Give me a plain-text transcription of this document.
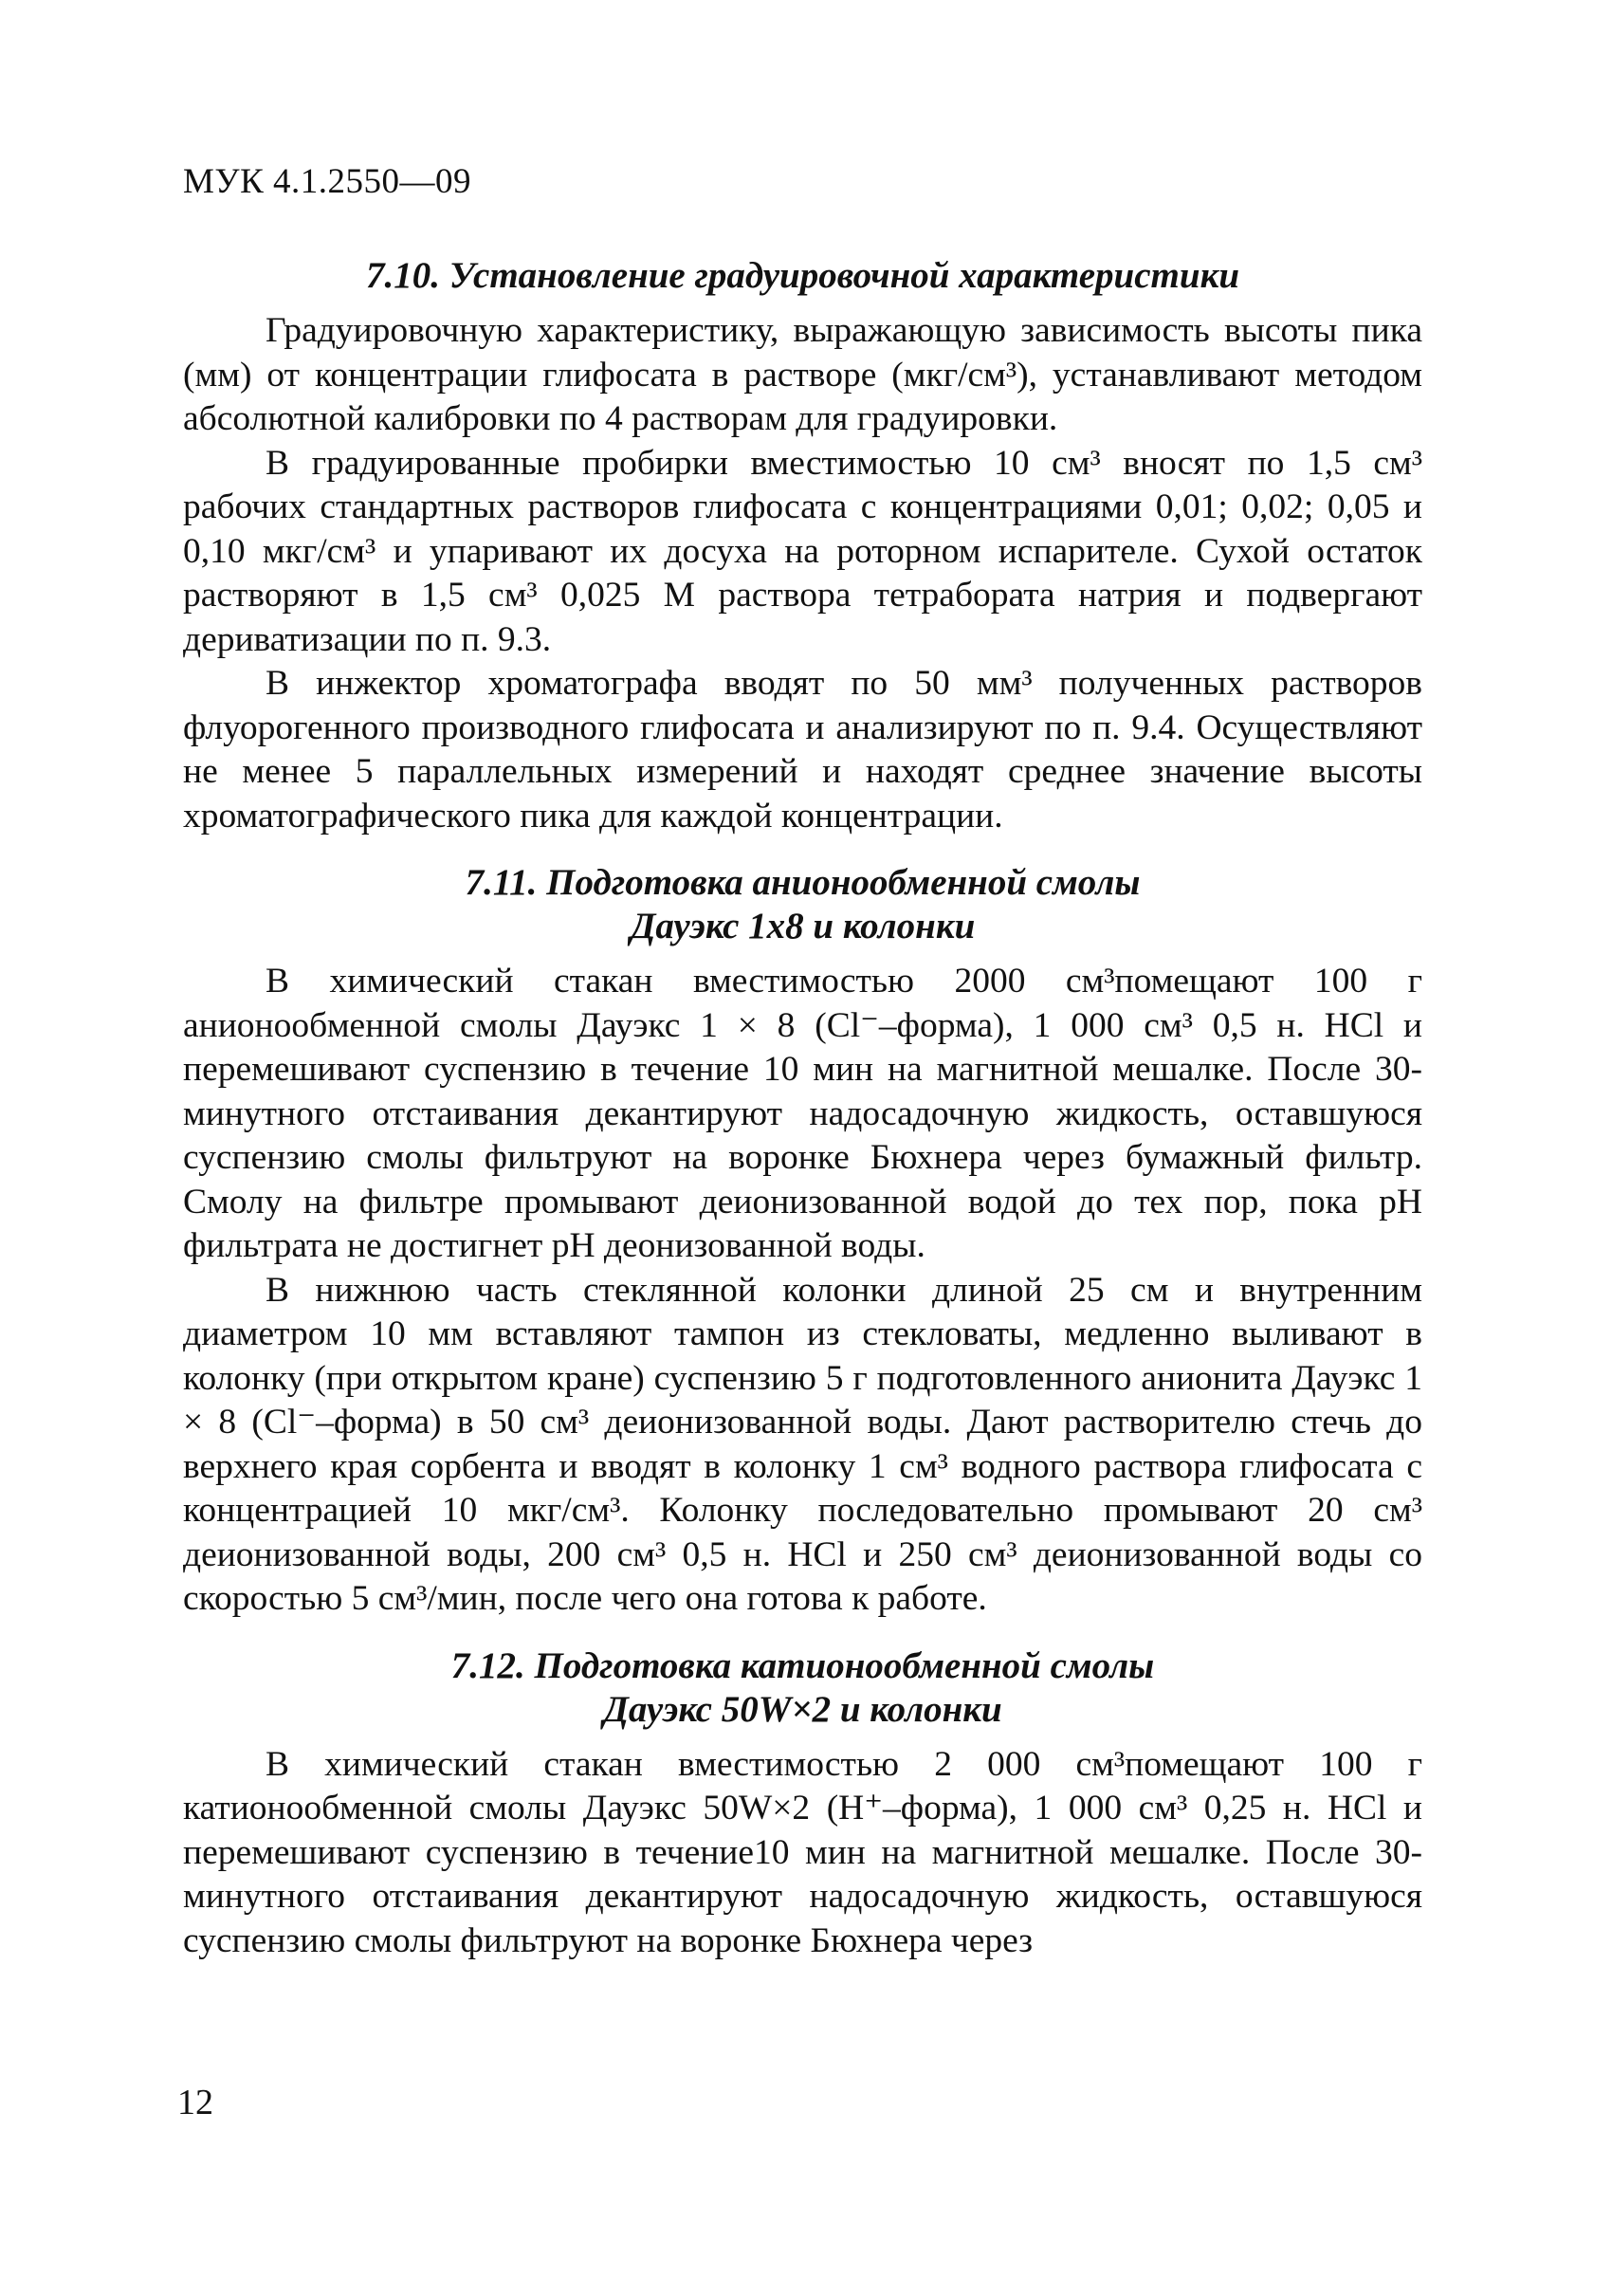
МУК 4.1.2550—09
7.10. Установление градуировочной характеристики

Градуировочную характеристику, выражающую зависимость высоты пика (мм) от концентрации глифосата в растворе (мкг/см³), устанавливают методом абсолютной калибровки по 4 растворам для градуировки.

В градуированные пробирки вместимостью 10 см³ вносят по 1,5 см³ рабочих стандартных растворов глифосата с концентрациями 0,01; 0,02; 0,05 и 0,10 мкг/см³ и упаривают их досуха на роторном испарителе. Сухой остаток растворяют в 1,5 см³ 0,025 М раствора тетрабората натрия и подвергают дериватизации по п. 9.3.

В инжектор хроматографа вводят по 50 мм³ полученных растворов флуорогенного производного глифосата и анализируют по п. 9.4. Осуществляют не менее 5 параллельных измерений и находят среднее значение высоты хроматографического пика для каждой концентрации.

7.11. Подготовка анионообменной смолы
Дауэкс 1х8 и колонки

В химический стакан вместимостью 2000 см³помещают 100 г анионообменной смолы Дауэкс 1 × 8 (Cl⁻–форма), 1 000 см³ 0,5 н. HCl и перемешивают суспензию в течение 10 мин на магнитной мешалке. После 30-минутного отстаивания декантируют надосадочную жидкость, оставшуюся суспензию смолы фильтруют на воронке Бюхнера через бумажный фильтр. Смолу на фильтре промывают деионизованной водой до тех пор, пока pH фильтрата не достигнет pH деонизованной воды.

В нижнюю часть стеклянной колонки длиной 25 см и внутренним диаметром 10 мм вставляют тампон из стекловаты, медленно выливают в колонку (при открытом кране) суспензию 5 г подготовленного анионита Дауэкс 1 × 8 (Cl⁻–форма) в 50 см³ деионизованной воды. Дают растворителю стечь до верхнего края сорбента и вводят в колонку 1 см³ водного раствора глифосата с концентрацией 10 мкг/см³. Колонку последовательно промывают 20 см³ деионизованной воды, 200 см³ 0,5 н. HCl и 250 см³ деионизованной воды со скоростью 5 см³/мин, после чего она готова к работе.

7.12. Подготовка катионообменной смолы
Дауэкс 50W×2 и колонки

В химический стакан вместимостью 2 000 см³помещают 100 г катионообменной смолы Дауэкс 50W×2 (H⁺–форма), 1 000 см³ 0,25 н. HCl и перемешивают суспензию в течение10 мин на магнитной мешалке. После 30-минутного отстаивания декантируют надосадочную жидкость, оставшуюся суспензию смолы фильтруют на воронке Бюхнера через

12
